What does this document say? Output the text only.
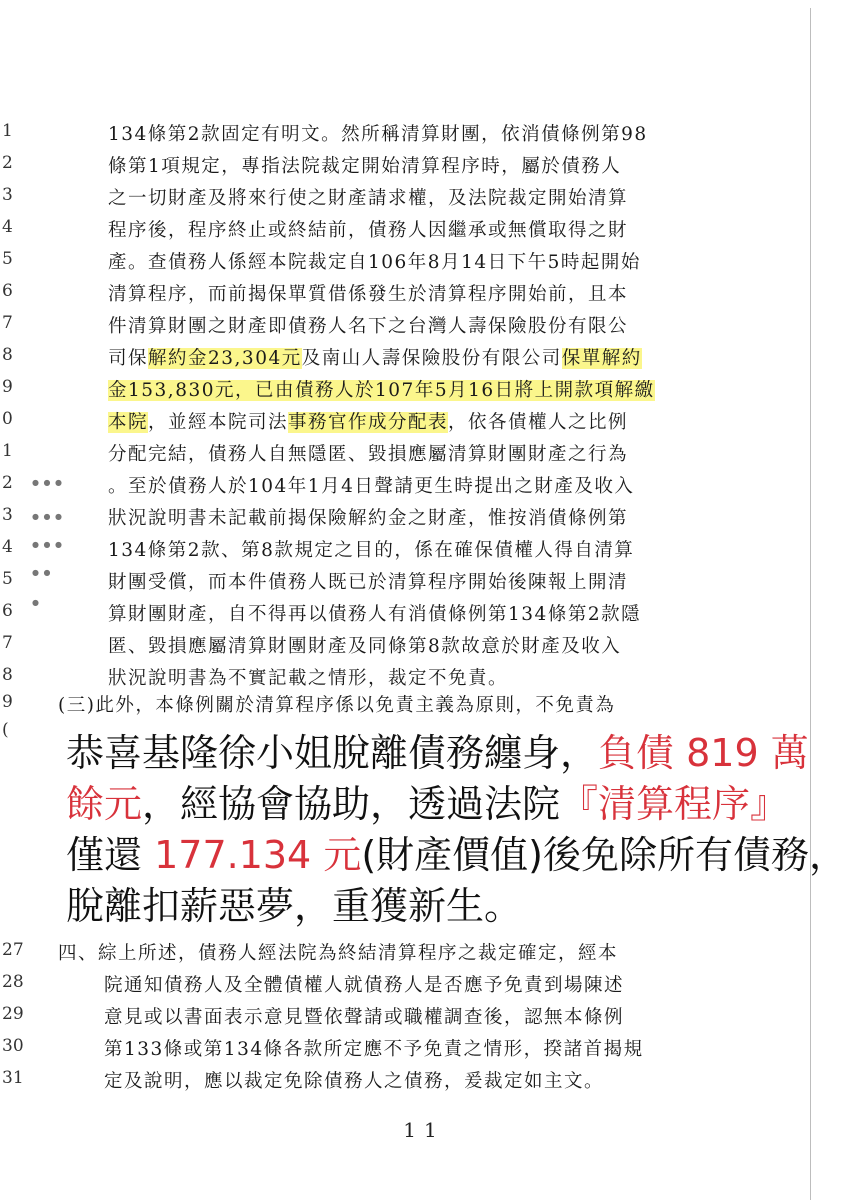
1
2
3
4
5
6
7
8
9
0
1
2
3
4
5
6
7
8
9
(
27
28
29
30
31
● ● ●
● ● ●
● ● ●
● ●
●
134條第2款固定有明文。然所稱清算財團，依消債條例第98
條第1項規定，專指法院裁定開始清算程序時，屬於債務人
之一切財產及將來行使之財產請求權，及法院裁定開始清算
程序後，程序終止或終結前，債務人因繼承或無償取得之財
產。查債務人係經本院裁定自106年8月14日下午5時起開始
清算程序，而前揭保單質借係發生於清算程序開始前，且本
件清算財團之財產即債務人名下之台灣人壽保險股份有限公
司保解約金23,304元及南山人壽保險股份有限公司保單解約
金153,830元，已由債務人於107年5月16日將上開款項解繳
本院，並經本院司法事務官作成分配表，依各債權人之比例
分配完結，債務人自無隱匿、毀損應屬清算財團財產之行為
。至於債務人於104年1月4日聲請更生時提出之財產及收入
狀況說明書未記載前揭保險解約金之財產，惟按消債條例第
134條第2款、第8款規定之目的，係在確保債權人得自清算
財團受償，而本件債務人既已於清算程序開始後陳報上開清
算財團財產，自不得再以債務人有消債條例第134條第2款隱
匿、毀損應屬清算財團財產及同條第8款故意於財產及收入
狀況說明書為不實記載之情形，裁定不免責。
(三)此外，本條例關於清算程序係以免責主義為原則，不免責為
四、綜上所述，債務人經法院為終結清算程序之裁定確定，經本
院通知債務人及全體債權人就債務人是否應予免責到場陳述
意見或以書面表示意見暨依聲請或職權調查後，認無本條例
第133條或第134條各款所定應不予免責之情形，揆諸首揭規
定及說明，應以裁定免除債務人之債務，爰裁定如主文。
恭喜基隆徐小姐脫離債務纏身，負債 819 萬
餘元，經協會協助，透過法院『清算程序』
僅還 177.134 元(財產價值)後免除所有債務，
脫離扣薪惡夢，重獲新生。
11
